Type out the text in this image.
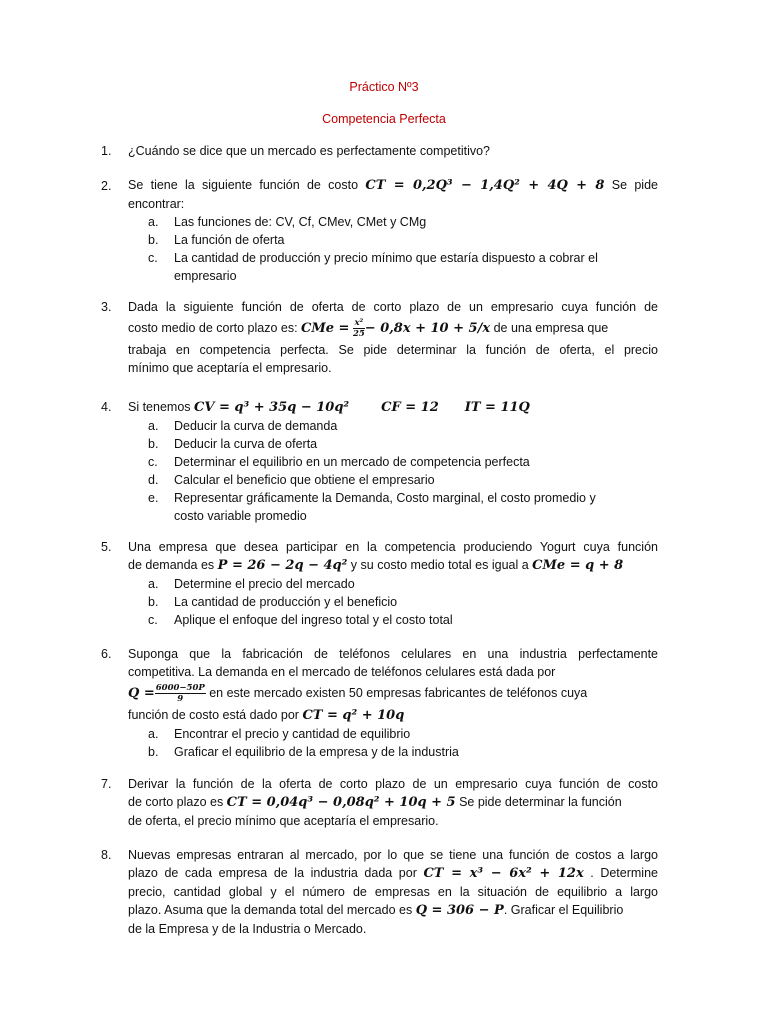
Práctico Nº3
Competencia Perfecta
1. ¿Cuándo se dice que un mercado es perfectamente competitivo?
2. Se tiene la siguiente función de costo CT = 0,2Q³ − 1,4Q² + 4Q + 8 Se pide
encontrar:
a. Las funciones de: CV, Cf, CMev, CMet y CMg
b. La función de oferta
c. La cantidad de producción y precio mínimo que estaría dispuesto a cobrar el
empresario
3. Dada la siguiente función de oferta de corto plazo de un empresario cuya función de
costo medio de corto plazo es: CMe = $\frac{\text{x²}}{25} - 0,8x + 10 + 5/x$ de una empresa que
trabaja en competencia perfecta. Se pide determinar la función de oferta, el precio
mínimo que aceptaría el empresario.
4. Si tenemos CV = q³ + 35q − 10q² CF = 12 IT = 11Q
a. Deducir la curva de demanda
b. Deducir la curva de oferta
c. Determinar el equilibrio en un mercado de competencia perfecta
d. Calcular el beneficio que obtiene el empresario
e. Representar gráficamente la Demanda, Costo marginal, el costo promedio y
costo variable promedio
5. Una empresa que desea participar en la competencia produciendo Yogurt cuya función
de demanda es P = 26 − 2q − 4q² y su costo medio total es igual a CMe = q + 8
a. Determine el precio del mercado
b. La cantidad de producción y el beneficio
c. Aplique el enfoque del ingreso total y el costo total
6. Suponga que la fabricación de teléfonos celulares en una industria perfectamente
competitiva. La demanda en el mercado de teléfonos celulares está dada por
$Q = \frac{6000-50P}{9}$ en este mercado existen 50 empresas fabricantes de teléfonos cuya
función de costo está dado por CT = q² + 10q
a. Encontrar el precio y cantidad de equilibrio
b. Graficar el equilibrio de la empresa y de la industria
7. Derivar la función de la oferta de corto plazo de un empresario cuya función de costo
de corto plazo es CT = 0,04q³ − 0,08q² + 10q + 5 Se pide determinar la función
de oferta, el precio mínimo que aceptaría el empresario.
8. Nuevas empresas entraran al mercado, por lo que se tiene una función de costos a largo
plazo de cada empresa de la industria dada por CT = x³ − 6x² + 12x . Determine
precio, cantidad global y el número de empresas en la situación de equilibrio a largo
plazo. Asuma que la demanda total del mercado es Q = 306 − P. Graficar el Equilibrio
de la Empresa y de la Industria o Mercado.
